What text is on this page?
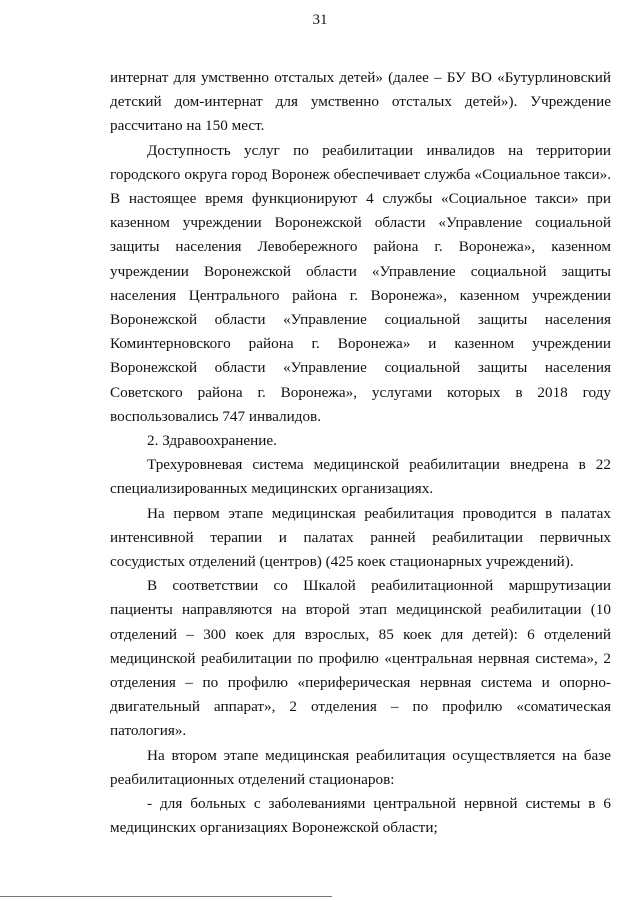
31

интернат для умственно отсталых детей» (далее – БУ ВО «Бутурлиновский детский дом-интернат для умственно отсталых детей»). Учреждение рассчитано на 150 мест.

Доступность услуг по реабилитации инвалидов на территории городского округа город Воронеж обеспечивает служба «Социальное такси». В настоящее время функционируют 4 службы «Социальное такси» при казенном учреждении Воронежской области «Управление социальной защиты населения Левобережного района г. Воронежа», казенном учреждении Воронежской области «Управление социальной защиты населения Центрального района г. Воронежа», казенном учреждении Воронежской области «Управление социальной защиты населения Коминтерновского района г. Воронежа» и казенном учреждении Воронежской области «Управление социальной защиты населения Советского района г. Воронежа», услугами которых в 2018 году воспользовались 747 инвалидов.

2. Здравоохранение.

Трехуровневая система медицинской реабилитации внедрена в 22 специализированных медицинских организациях.

На первом этапе медицинская реабилитация проводится в палатах интенсивной терапии и палатах ранней реабилитации первичных сосудистых отделений (центров) (425 коек стационарных учреждений).

В соответствии со Шкалой реабилитационной маршрутизации пациенты направляются на второй этап медицинской реабилитации (10 отделений – 300 коек для взрослых, 85 коек для детей): 6 отделений медицинской реабилитации по профилю «центральная нервная система», 2 отделения – по профилю «периферическая нервная система и опорно-двигательный аппарат», 2 отделения – по профилю «соматическая патология».

На втором этапе медицинская реабилитация осуществляется на базе реабилитационных отделений стационаров:

- для больных с заболеваниями центральной нервной системы в 6 медицинских организациях Воронежской области;
